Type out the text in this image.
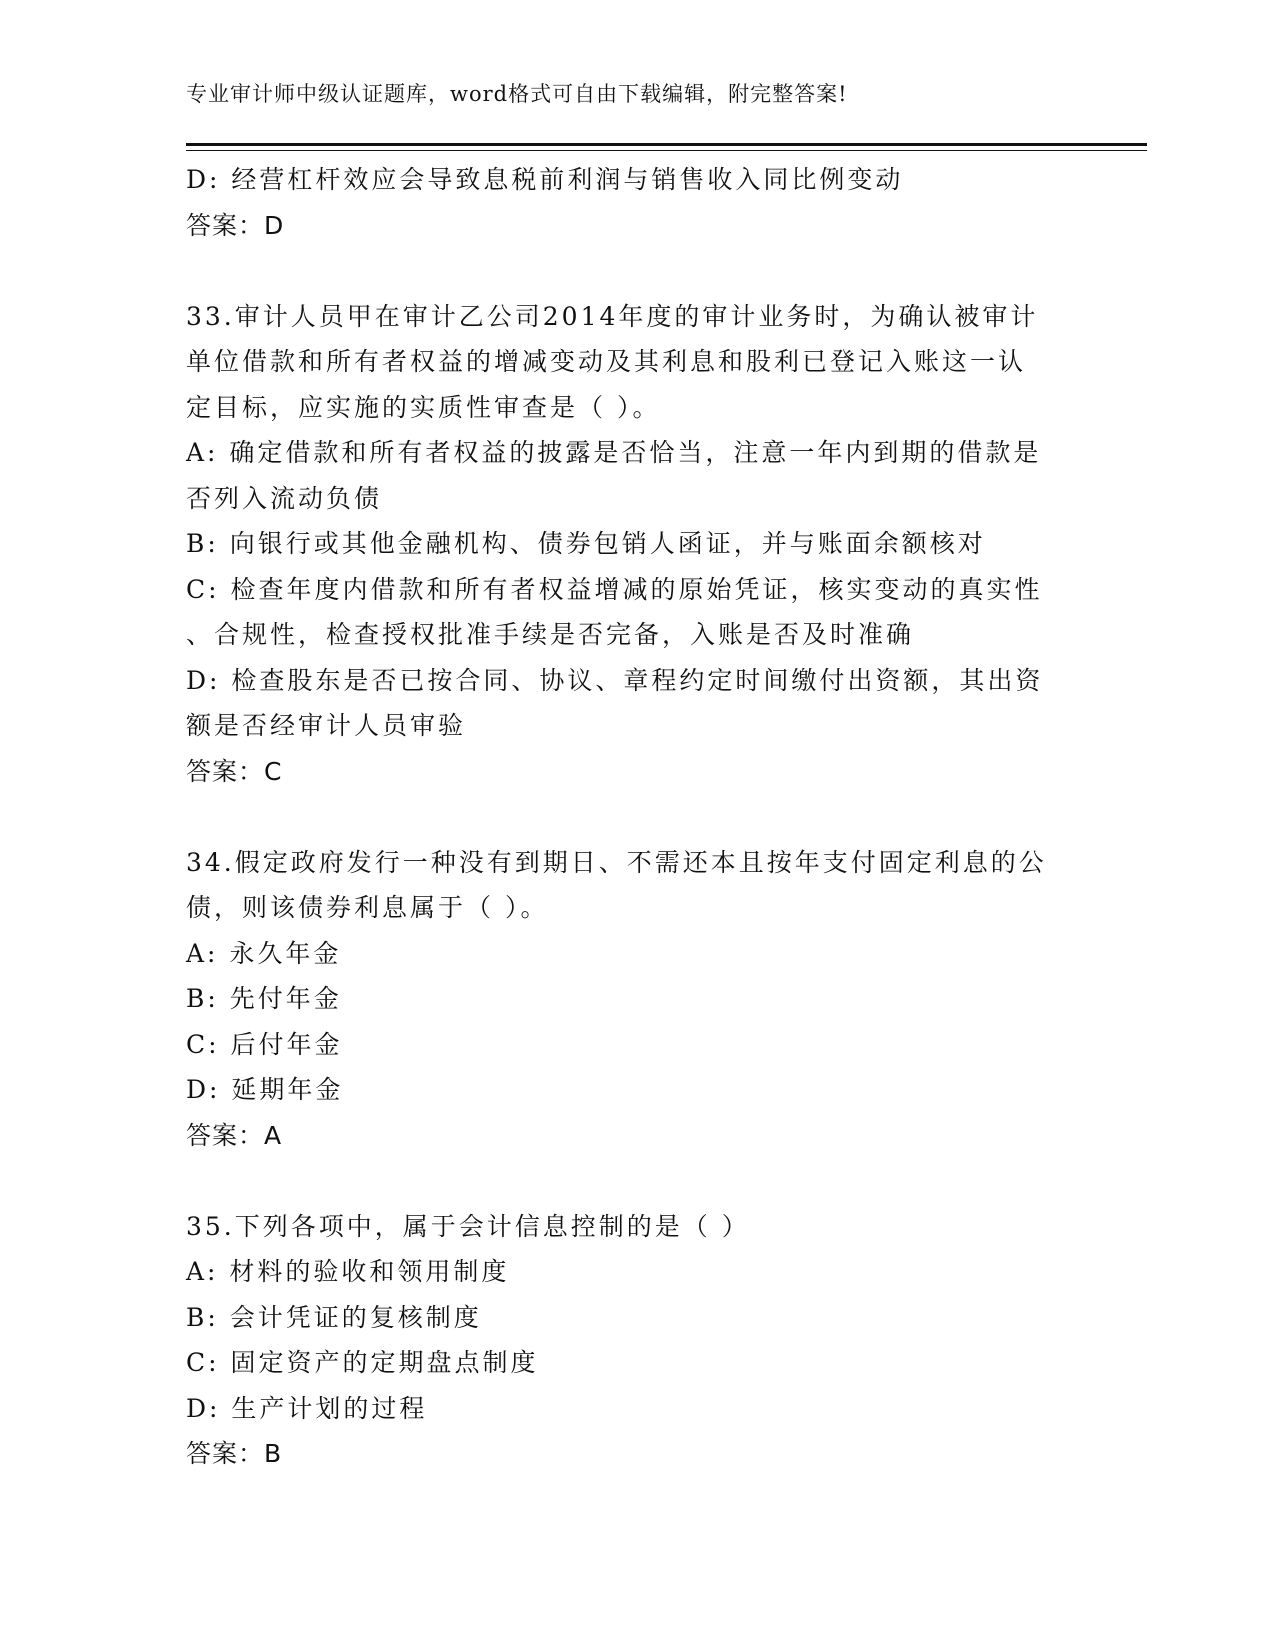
专业审计师中级认证题库，word格式可自由下载编辑，附完整答案!
D: 经营杠杆效应会导致息税前利润与销售收入同比例变动
答案：D
33.审计人员甲在审计乙公司2014年度的审计业务时，为确认被审计
单位借款和所有者权益的增减变动及其利息和股利已登记入账这一认
定目标，应实施的实质性审查是（ ）。
A: 确定借款和所有者权益的披露是否恰当，注意一年内到期的借款是
否列入流动负债
B: 向银行或其他金融机构、债券包销人函证，并与账面余额核对
C: 检查年度内借款和所有者权益增减的原始凭证，核实变动的真实性
、合规性，检查授权批准手续是否完备，入账是否及时准确
D: 检查股东是否已按合同、协议、章程约定时间缴付出资额，其出资
额是否经审计人员审验
答案：C
34.假定政府发行一种没有到期日、不需还本且按年支付固定利息的公
债，则该债券利息属于（ ）。
A: 永久年金
B: 先付年金
C: 后付年金
D: 延期年金
答案：A
35.下列各项中，属于会计信息控制的是（ ）
A: 材料的验收和领用制度
B: 会计凭证的复核制度
C: 固定资产的定期盘点制度
D: 生产计划的过程
答案：B
